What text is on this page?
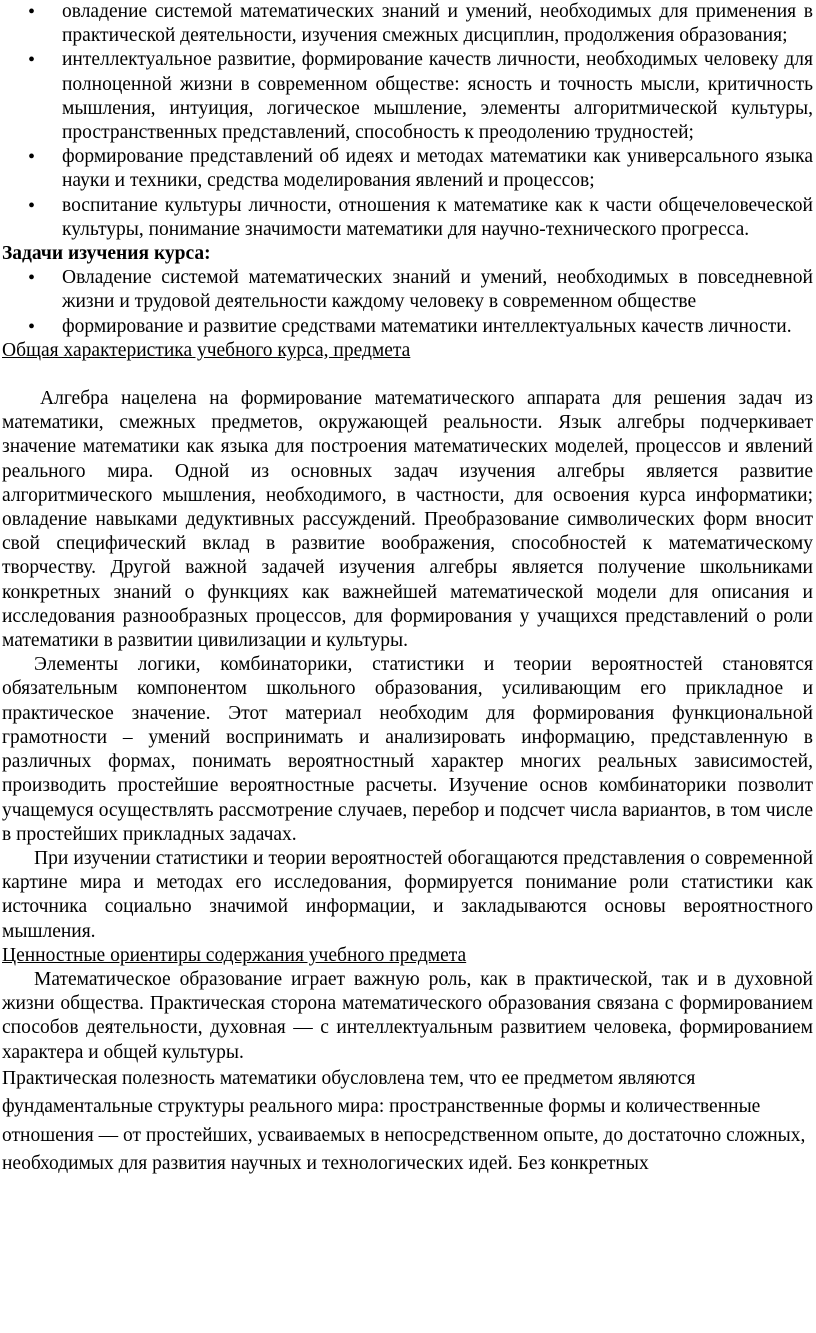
• овладение системой математических знаний и умений, необходимых для применения в практической деятельности, изучения смежных дисциплин, продолжения образования;
• интеллектуальное развитие, формирование качеств личности, необходимых человеку для полноценной жизни в современном обществе: ясность и точность мысли, критичность мышления, интуиция, логическое мышление, элементы алгоритмической культуры, пространственных представлений, способность к преодолению трудностей;
• формирование представлений об идеях и методах математики как универсального языка науки и техники, средства моделирования явлений и процессов;
• воспитание культуры личности, отношения к математике как к части общечеловеческой культуры, понимание значимости математики для научно-технического прогресса.

Задачи изучения курса:

• Овладение системой математических знаний и умений, необходимых в повседневной жизни и трудовой деятельности каждому человеку в современном обществе
• формирование и развитие средствами математики интеллектуальных качеств личности.

Общая характеристика учебного курса, предмета

Алгебра нацелена на формирование математического аппарата для решения задач из математики, смежных предметов, окружающей реальности. Язык алгебры подчеркивает значение математики как языка для построения математических моделей, процессов и явлений реального мира. Одной из основных задач изучения алгебры является развитие алгоритмического мышления, необходимого, в частности, для освоения курса информатики; овладение навыками дедуктивных рассуждений. Преобразование символических форм вносит свой специфический вклад в развитие воображения, способностей к математическому творчеству. Другой важной задачей изучения алгебры является получение школьниками конкретных знаний о функциях как важнейшей математической модели для описания и исследования разнообразных процессов, для формирования у учащихся представлений о роли математики в развитии цивилизации и культуры.

Элементы логики, комбинаторики, статистики и теории вероятностей становятся обязательным компонентом школьного образования, усиливающим его прикладное и практическое значение. Этот материал необходим для формирования функциональной грамотности – умений воспринимать и анализировать информацию, представленную в различных формах, понимать вероятностный характер многих реальных зависимостей, производить простейшие вероятностные расчеты. Изучение основ комбинаторики позволит учащемуся осуществлять рассмотрение случаев, перебор и подсчет числа вариантов, в том числе в простейших прикладных задачах.

При изучении статистики и теории вероятностей обогащаются представления о современной картине мира и методах его исследования, формируется понимание роли статистики как источника социально значимой информации, и закладываются основы вероятностного мышления.

Ценностные ориентиры содержания учебного предмета

Математическое образование играет важную роль, как в практической, так и в духовной жизни общества. Практическая сторона математического образования связана с формированием способов деятельности, духовная — с интеллектуальным развитием человека, формированием характера и общей культуры.

Практическая полезность математики обусловлена тем, что ее предметом являются фундаментальные структуры реального мира: пространственные формы и количественные отношения — от простейших, усваиваемых в непосредственном опыте, до достаточно сложных, необходимых для развития научных и технологических идей. Без конкретных
